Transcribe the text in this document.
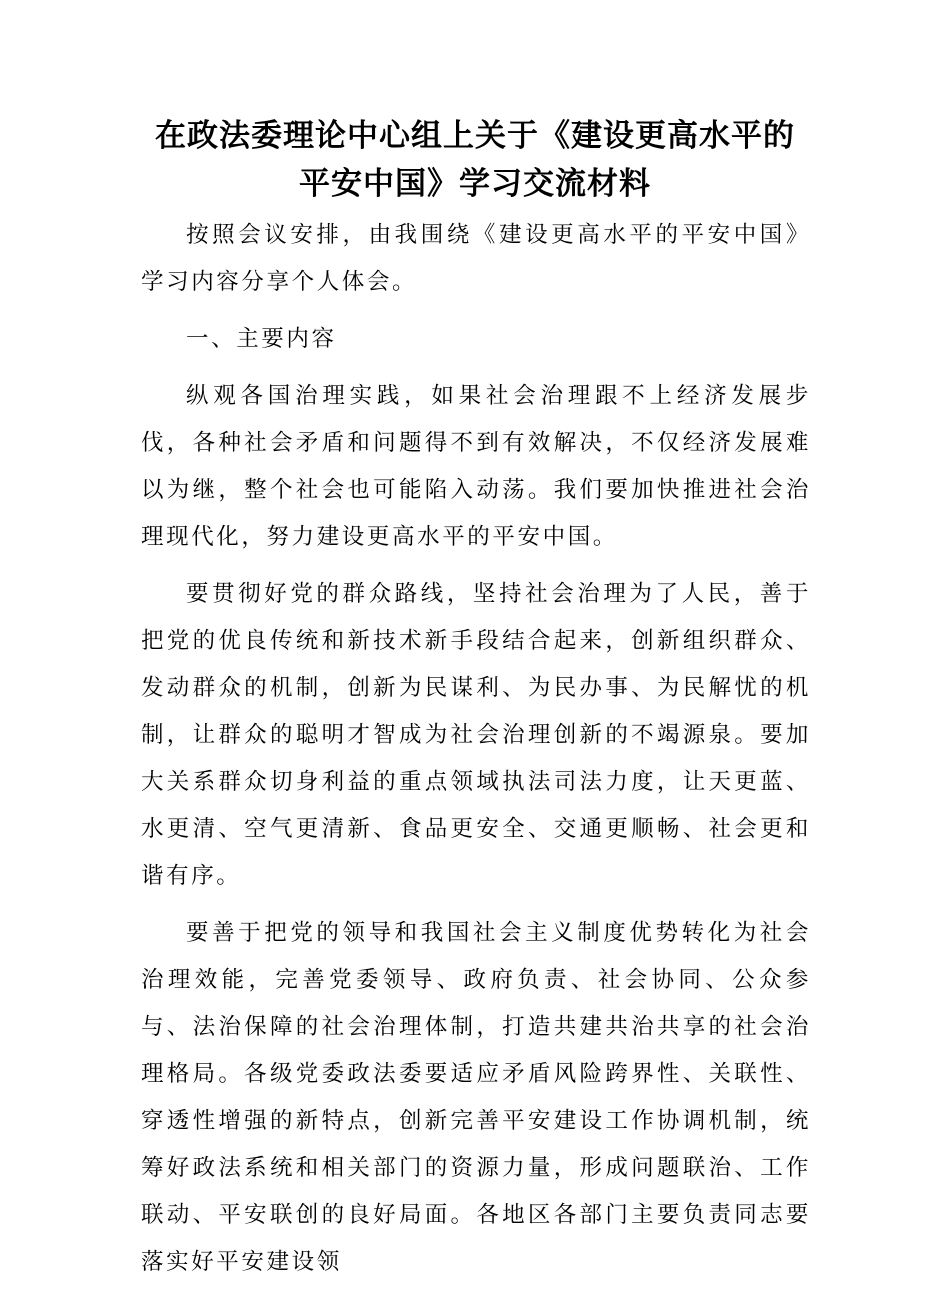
在政法委理论中心组上关于《建设更高水平的
平安中国》学习交流材料

按照会议安排，由我围绕《建设更高水平的平安中国》学习内容分享个人体会。

一、主要内容

纵观各国治理实践，如果社会治理跟不上经济发展步伐，各种社会矛盾和问题得不到有效解决，不仅经济发展难以为继，整个社会也可能陷入动荡。我们要加快推进社会治理现代化，努力建设更高水平的平安中国。

要贯彻好党的群众路线，坚持社会治理为了人民，善于把党的优良传统和新技术新手段结合起来，创新组织群众、发动群众的机制，创新为民谋利、为民办事、为民解忧的机制，让群众的聪明才智成为社会治理创新的不竭源泉。要加大关系群众切身利益的重点领域执法司法力度，让天更蓝、水更清、空气更清新、食品更安全、交通更顺畅、社会更和谐有序。

要善于把党的领导和我国社会主义制度优势转化为社会治理效能，完善党委领导、政府负责、社会协同、公众参与、法治保障的社会治理体制，打造共建共治共享的社会治理格局。各级党委政法委要适应矛盾风险跨界性、关联性、穿透性增强的新特点，创新完善平安建设工作协调机制，统筹好政法系统和相关部门的资源力量，形成问题联治、工作联动、平安联创的良好局面。各地区各部门主要负责同志要落实好平安建设领
